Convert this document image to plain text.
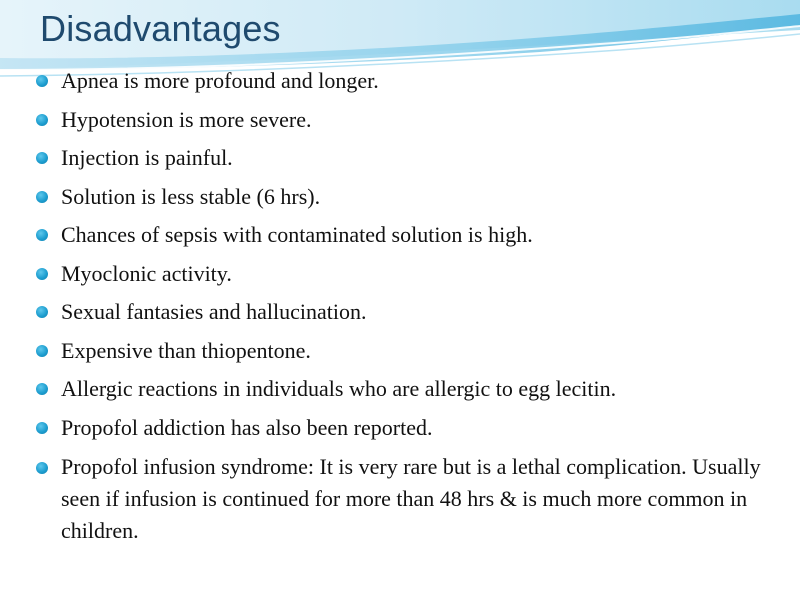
Disadvantages
Apnea is more profound and longer.
Hypotension is more severe.
Injection is painful.
Solution is less stable (6 hrs).
Chances of sepsis with contaminated solution is high.
Myoclonic activity.
Sexual fantasies and hallucination.
Expensive than thiopentone.
Allergic reactions in individuals who are allergic to egg lecitin.
Propofol addiction has also been reported.
Propofol infusion syndrome: It is very rare but is a lethal complication. Usually seen if infusion is continued for more than 48 hrs & is much more common in children.
